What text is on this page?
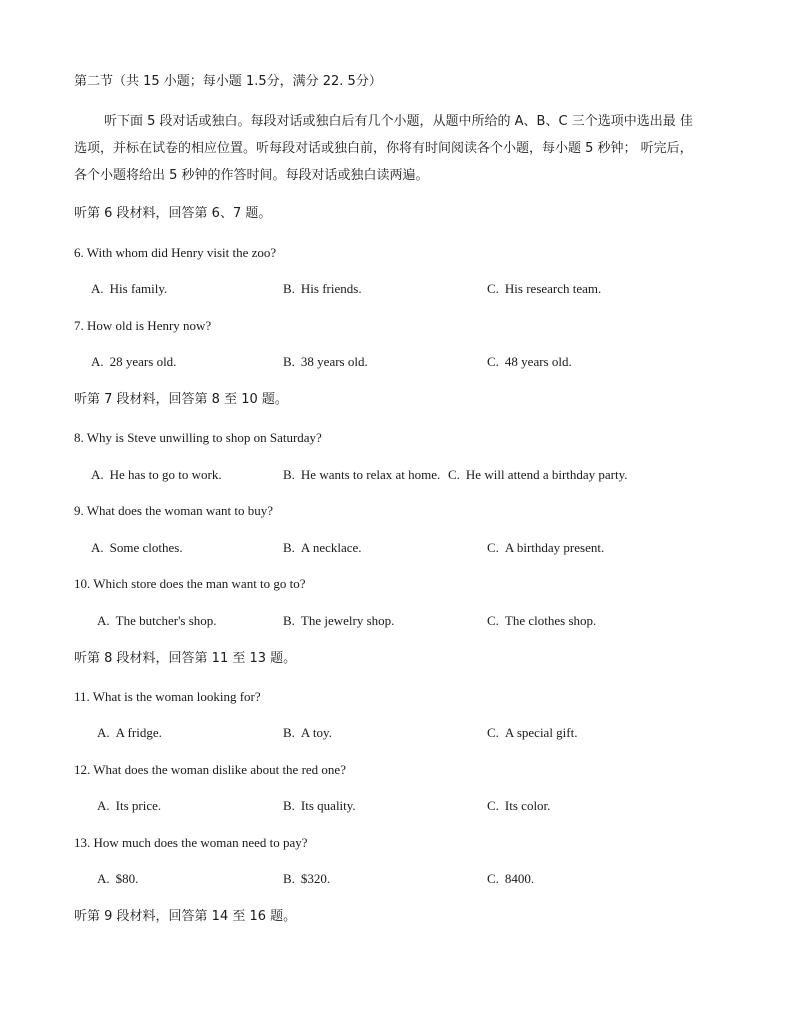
第二节（共 15 小题；每小题 1.5分，满分 22. 5分）
听下面 5 段对话或独白。每段对话或独白后有几个小题，从题中所给的 A、B、C 三个选项中选出最 佳
选项，并标在试卷的相应位置。听每段对话或独白前，你将有时间阅读各个小题，每小题 5 秒钟； 听完后，
各个小题将给出 5 秒钟的作答时间。每段对话或独白读两遍。
听第 6 段材料，回答第 6、7 题。
6. With whom did Henry visit the zoo?
A. His family.	B. His friends.	C. His research team.
7. How old is Henry now?
A. 28 years old.	B. 38 years old.	C. 48 years old.
听第 7 段材料，回答第 8 至 10 题。
8. Why is Steve unwilling to shop on Saturday?
A. He has to go to work.	B. He wants to relax at home. C. He will attend a birthday party.
9. What does the woman want to buy?
A. Some clothes.	B. A necklace.	C. A birthday present.
10. Which store does the man want to go to?
A. The butcher's shop.	B. The jewelry shop.	C. The clothes shop.
听第 8 段材料，回答第 11 至 13 题。
11. What is the woman looking for?
A. A fridge.	B. A toy.	C. A special gift.
12. What does the woman dislike about the red one?
A. Its price.	B. Its quality.	C. Its color.
13. How much does the woman need to pay?
A. $80.	B. $320.	C. 8400.
听第 9 段材料，回答第 14 至 16 题。
